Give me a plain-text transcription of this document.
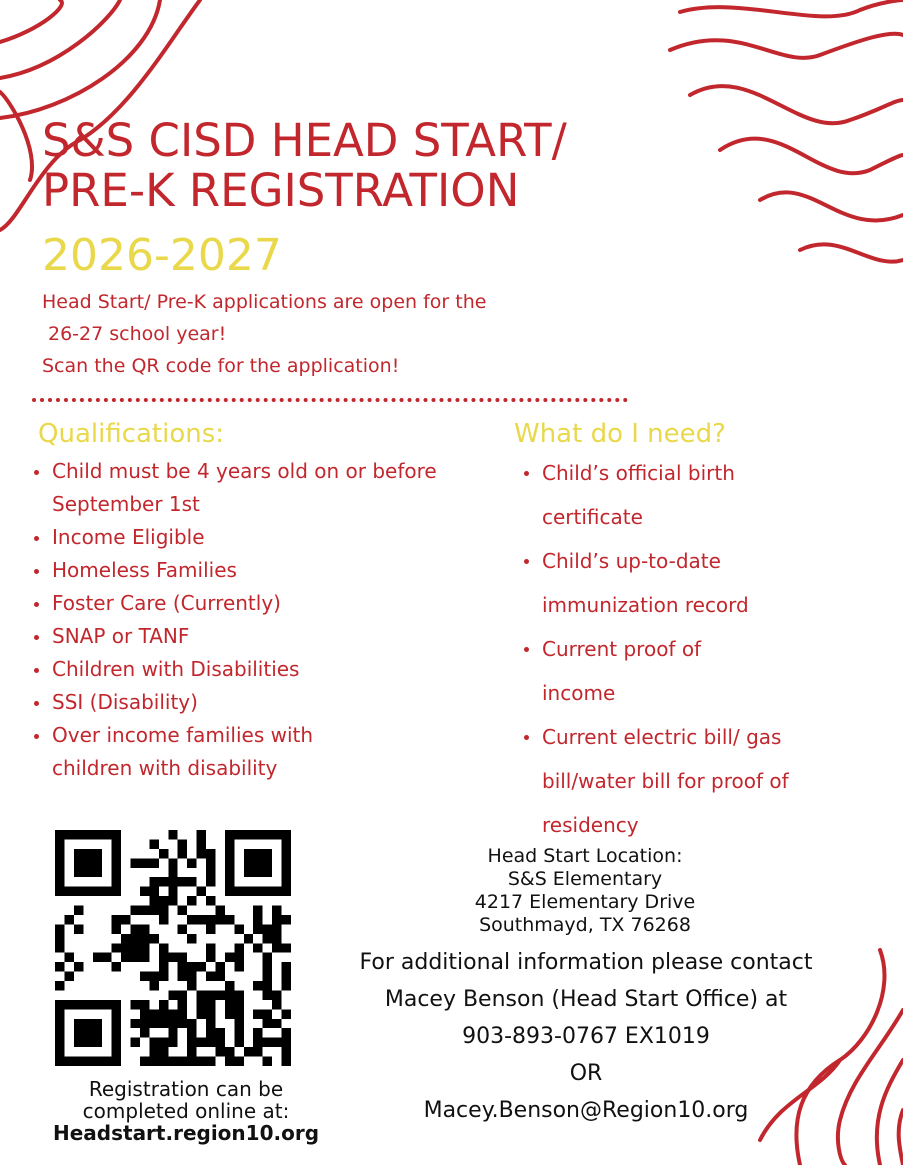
S&S CISD HEAD START/
PRE-K REGISTRATION
2026-2027
Head Start/ Pre-K applications are open for the
26-27 school year!
Scan the QR code for the application!
Qualifications:
Child must be 4 years old on or before September 1st
Income Eligible
Homeless Families
Foster Care (Currently)
SNAP or TANF
Children with Disabilities
SSI (Disability)
Over income families with children with disability
What do I need?
Child’s official birth certificate
Child’s up-to-date immunization record
Current proof of income
Current electric bill/ gas bill/water bill for proof of residency
Registration can be
completed online at:
Headstart.region10.org
Head Start Location:
S&S Elementary
4217 Elementary Drive
Southmayd, TX 76268
For additional information please contact
Macey Benson (Head Start Office) at
903-893-0767 EX1019
OR
Macey.Benson@Region10.org
